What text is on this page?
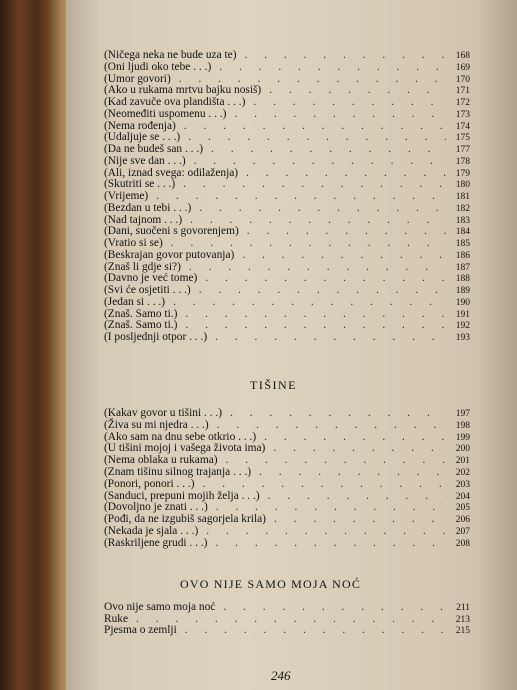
(Ničega neka ne bude uza te) . . .	168
(Oni ljudi oko tebe . . .) . . .	169
(Umor govori) . . .	170
(Ako u rukama mrtvu bajku nosiš) . . .	171
(Kad zavuče ova plandišta . . .) . . .	172
(Neomeđiti uspomenu . . .) . . .	173
(Nema rođenja) . . .	174
(Udaljuje se . . .) . . .	175
(Da ne budeš san . . .) . . .	177
(Nije sve dan . . .) . . .	178
(Ali, iznad svega: odilaženja) . . .	179
(Skutriti se . . .) . . .	180
(Vrijeme) . . .	181
(Bezdan u tebi . . .) . . .	182
(Nad tajnom . . .) . . .	183
(Dani, suočeni s govorenjem) . . .	184
(Vratio si se) . . .	185
(Beskrajan govor putovanja) . . .	186
(Znaš li gdje si?) . . .	187
(Davno je već tome) . . .	188
(Svi će osjetiti . . .) . . .	189
(Jedan si . . .) . . .	190
(Znaš. Samo ti.) . . .	191
(Znaš. Samo ti.) . . .	192
(I posljednji otpor . . .) . . .	193
(Kakav govor u tišini . . .) . . .	197
(Živa su mi njedra . . .) . . .	198
(Ako sam na dnu sebe otkrio . . .) . . .	199
(U tišini mojoj i vašega života ima) . . .	200
(Nema oblaka u rukama) . . .	201
(Znam tišinu silnog trajanja . . .) . . .	202
(Ponori, ponori . . .) . . .	203
(Sanduci, prepuni mojih želja . . .) . . .	204
(Dovoljno je znati . . .) . . .	205
(Pođi, da ne izgubiš sagorjela krila) . . .	206
(Nekada je sjala . . .) . . .	207
(Raskriljene grudi . . .) . . .	208
Ovo nije samo moja noć . . .	211
Ruke . . .	213
Pjesma o zemlji . . .	215
TIŠINE
OVO NIJE SAMO MOJA NOĆ
246
